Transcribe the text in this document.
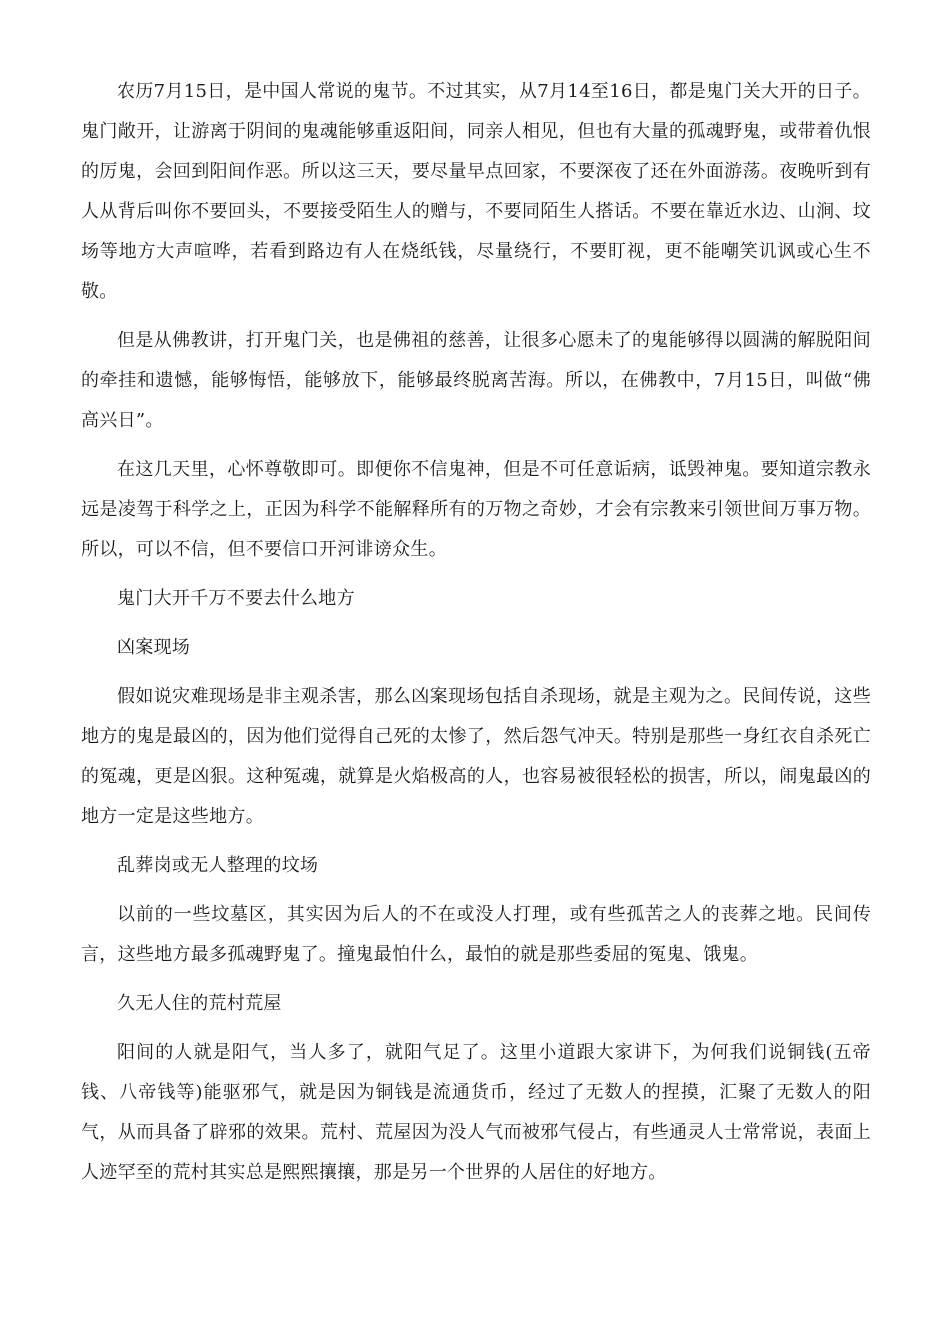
农历7月15日，是中国人常说的鬼节。不过其实，从7月14至16日，都是鬼门关大开的日子。鬼门敞开，让游离于阴间的鬼魂能够重返阳间，同亲人相见，但也有大量的孤魂野鬼，或带着仇恨的厉鬼，会回到阳间作恶。所以这三天，要尽量早点回家，不要深夜了还在外面游荡。夜晚听到有人从背后叫你不要回头，不要接受陌生人的赠与，不要同陌生人搭话。不要在靠近水边、山涧、坟场等地方大声喧哗，若看到路边有人在烧纸钱，尽量绕行，不要盯视，更不能嘲笑讥讽或心生不敬。

但是从佛教讲，打开鬼门关，也是佛祖的慈善，让很多心愿未了的鬼能够得以圆满的解脱阳间的牵挂和遗憾，能够悔悟，能够放下，能够最终脱离苦海。所以，在佛教中，7月15日，叫做“佛高兴日”。

在这几天里，心怀尊敬即可。即便你不信鬼神，但是不可任意诟病，诋毁神鬼。要知道宗教永远是凌驾于科学之上，正因为科学不能解释所有的万物之奇妙，才会有宗教来引领世间万事万物。所以，可以不信，但不要信口开河诽谤众生。

鬼门大开千万不要去什么地方

凶案现场

假如说灾难现场是非主观杀害，那么凶案现场包括自杀现场，就是主观为之。民间传说，这些地方的鬼是最凶的，因为他们觉得自己死的太惨了，然后怨气冲天。特别是那些一身红衣自杀死亡的冤魂，更是凶狠。这种冤魂，就算是火焰极高的人，也容易被很轻松的损害，所以，闹鬼最凶的地方一定是这些地方。

乱葬岗或无人整理的坟场

以前的一些坟墓区，其实因为后人的不在或没人打理，或有些孤苦之人的丧葬之地。民间传言，这些地方最多孤魂野鬼了。撞鬼最怕什么，最怕的就是那些委屈的冤鬼、饿鬼。

久无人住的荒村荒屋

阳间的人就是阳气，当人多了，就阳气足了。这里小道跟大家讲下，为何我们说铜钱(五帝钱、八帝钱等)能驱邪气，就是因为铜钱是流通货币，经过了无数人的捏摸，汇聚了无数人的阳气，从而具备了辟邪的效果。荒村、荒屋因为没人气而被邪气侵占，有些通灵人士常常说，表面上人迹罕至的荒村其实总是熙熙攘攘，那是另一个世界的人居住的好地方。
